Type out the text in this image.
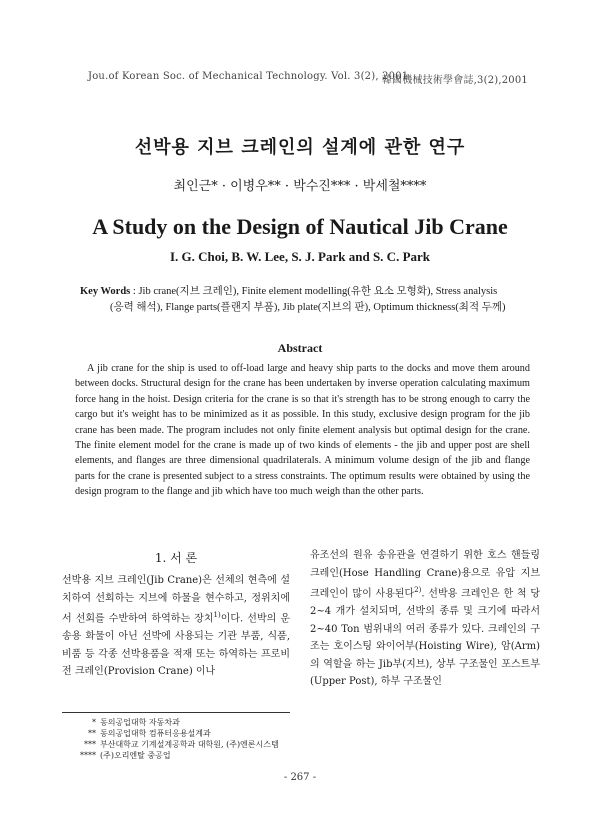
Jou.of Korean Soc. of Mechanical Technology. Vol. 3(2), 2001
韓國機械技術學會誌,3(2),2001
선박용 지브 크레인의 설계에 관한 연구
최인근* · 이병우** · 박수진*** · 박세철****
A Study on the Design of Nautical Jib Crane
I. G. Choi, B. W. Lee, S. J. Park and S. C. Park
Key Words : Jib crane(지브 크레인), Finite element modelling(유한 요소 모형화), Stress analysis
(응력 해석), Flange parts(플랜지 부품), Jib plate(지브의 판), Optimum thickness(최적 두께)
Abstract
A jib crane for the ship is used to off-load large and heavy ship parts to the docks and move them around between docks. Structural design for the crane has been undertaken by inverse operation calculating maximum force hang in the hoist. Design criteria for the crane is so that it's strength has to be strong enough to carry the cargo but it's weight has to be minimized as it as possible. In this study, exclusive design program for the jib crane has been made. The program includes not only finite element analysis but optimal design for the crane. The finite element model for the crane is made up of two kinds of elements - the jib and upper post are shell elements, and flanges are three dimensional quadrilaterals. A minimum volume design of the jib and flange parts for the crane is presented subject to a stress constraints. The optimum results were obtained by using the design program to the flange and jib which have too much weigh than the other parts.
1. 서 론
선박용 지브 크레인(Jib Crane)은 선체의 현측에 설치하여 선회하는 지브에 하물을 현수하고, 정위치에서 선회를 수반하여 하역하는 장치$^{1)}$이다. 선박의 운송용 화물이 아닌 선박에 사용되는 기관 부품, 식품, 비품 등 각종 선박용품을 적재 또는 하역하는 프로비전 크레인(Provision Crane) 이나
유조선의 원유 송유관을 연결하기 위한 호스 핸들링 크레인(Hose Handling Crane)용으로 유압 지브 크레인이 많이 사용된다$^{2)}$. 선박용 크레인은 한 척 당 2~4 개가 설치되며, 선박의 종류 및 크기에 따라서 2~40 Ton 범위내의 여러 종류가 있다. 크레인의 구조는 호이스팅 와이어부(Hoisting Wire), 암(Arm)의 역할을 하는 Jib부(지브), 상부 구조물인 포스트부(Upper Post), 하부 구조물인
* 동의공업대학 자동차과
** 동의공업대학 컴퓨터응용설계과
*** 부산대학교 기계설계공학과 대학원, (주)엔론시스템
**** (주)오리엔탈 중공업
- 267 -
